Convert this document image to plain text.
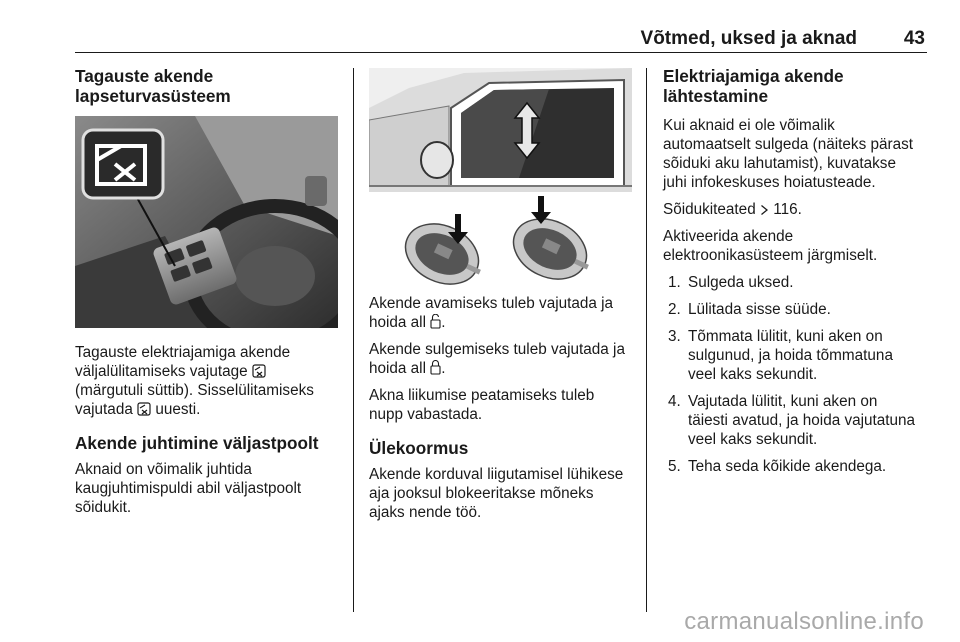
Võtmed, uksed ja aknad 43
Tagauste akende
lapseturvasüsteem

Tagauste elektriajamiga akende
väljalülitamiseks vajutage
(märgutuli süttib). Sisselülitamiseks
vajutada uuesti.

Akende juhtimine väljastpoolt

Aknaid on võimalik juhtida
kaugjuhtimispuldi abil väljastpoolt
sõidukit.

Akende avamiseks tuleb vajutada ja
hoida all .

Akende sulgemiseks tuleb vajutada ja
hoida all .

Akna liikumise peatamiseks tuleb
nupp vabastada.

Ülekoormus

Akende korduval liigutamisel lühikese
aja jooksul blokeeritakse mõneks
ajaks nende töö.

Elektriajamiga akende
lähtestamine

Kui aknaid ei ole võimalik
automaatselt sulgeda (näiteks pärast
sõiduki aku lahutamist), kuvatakse
juhi infokeskuses hoiatusteade.

Sõidukiteated 116.

Aktiveerida akende
elektroonikasüsteem järgmiselt.

1. Sulgeda uksed.
2. Lülitada sisse süüde.
3. Tõmmata lülitit, kuni aken on
sulgunud, ja hoida tõmmatuna
veel kaks sekundit.
4. Vajutada lülitit, kuni aken on
täiesti avatud, ja hoida vajutatuna
veel kaks sekundit.
5. Teha seda kõikide akendega.
carmanualsonline.info
